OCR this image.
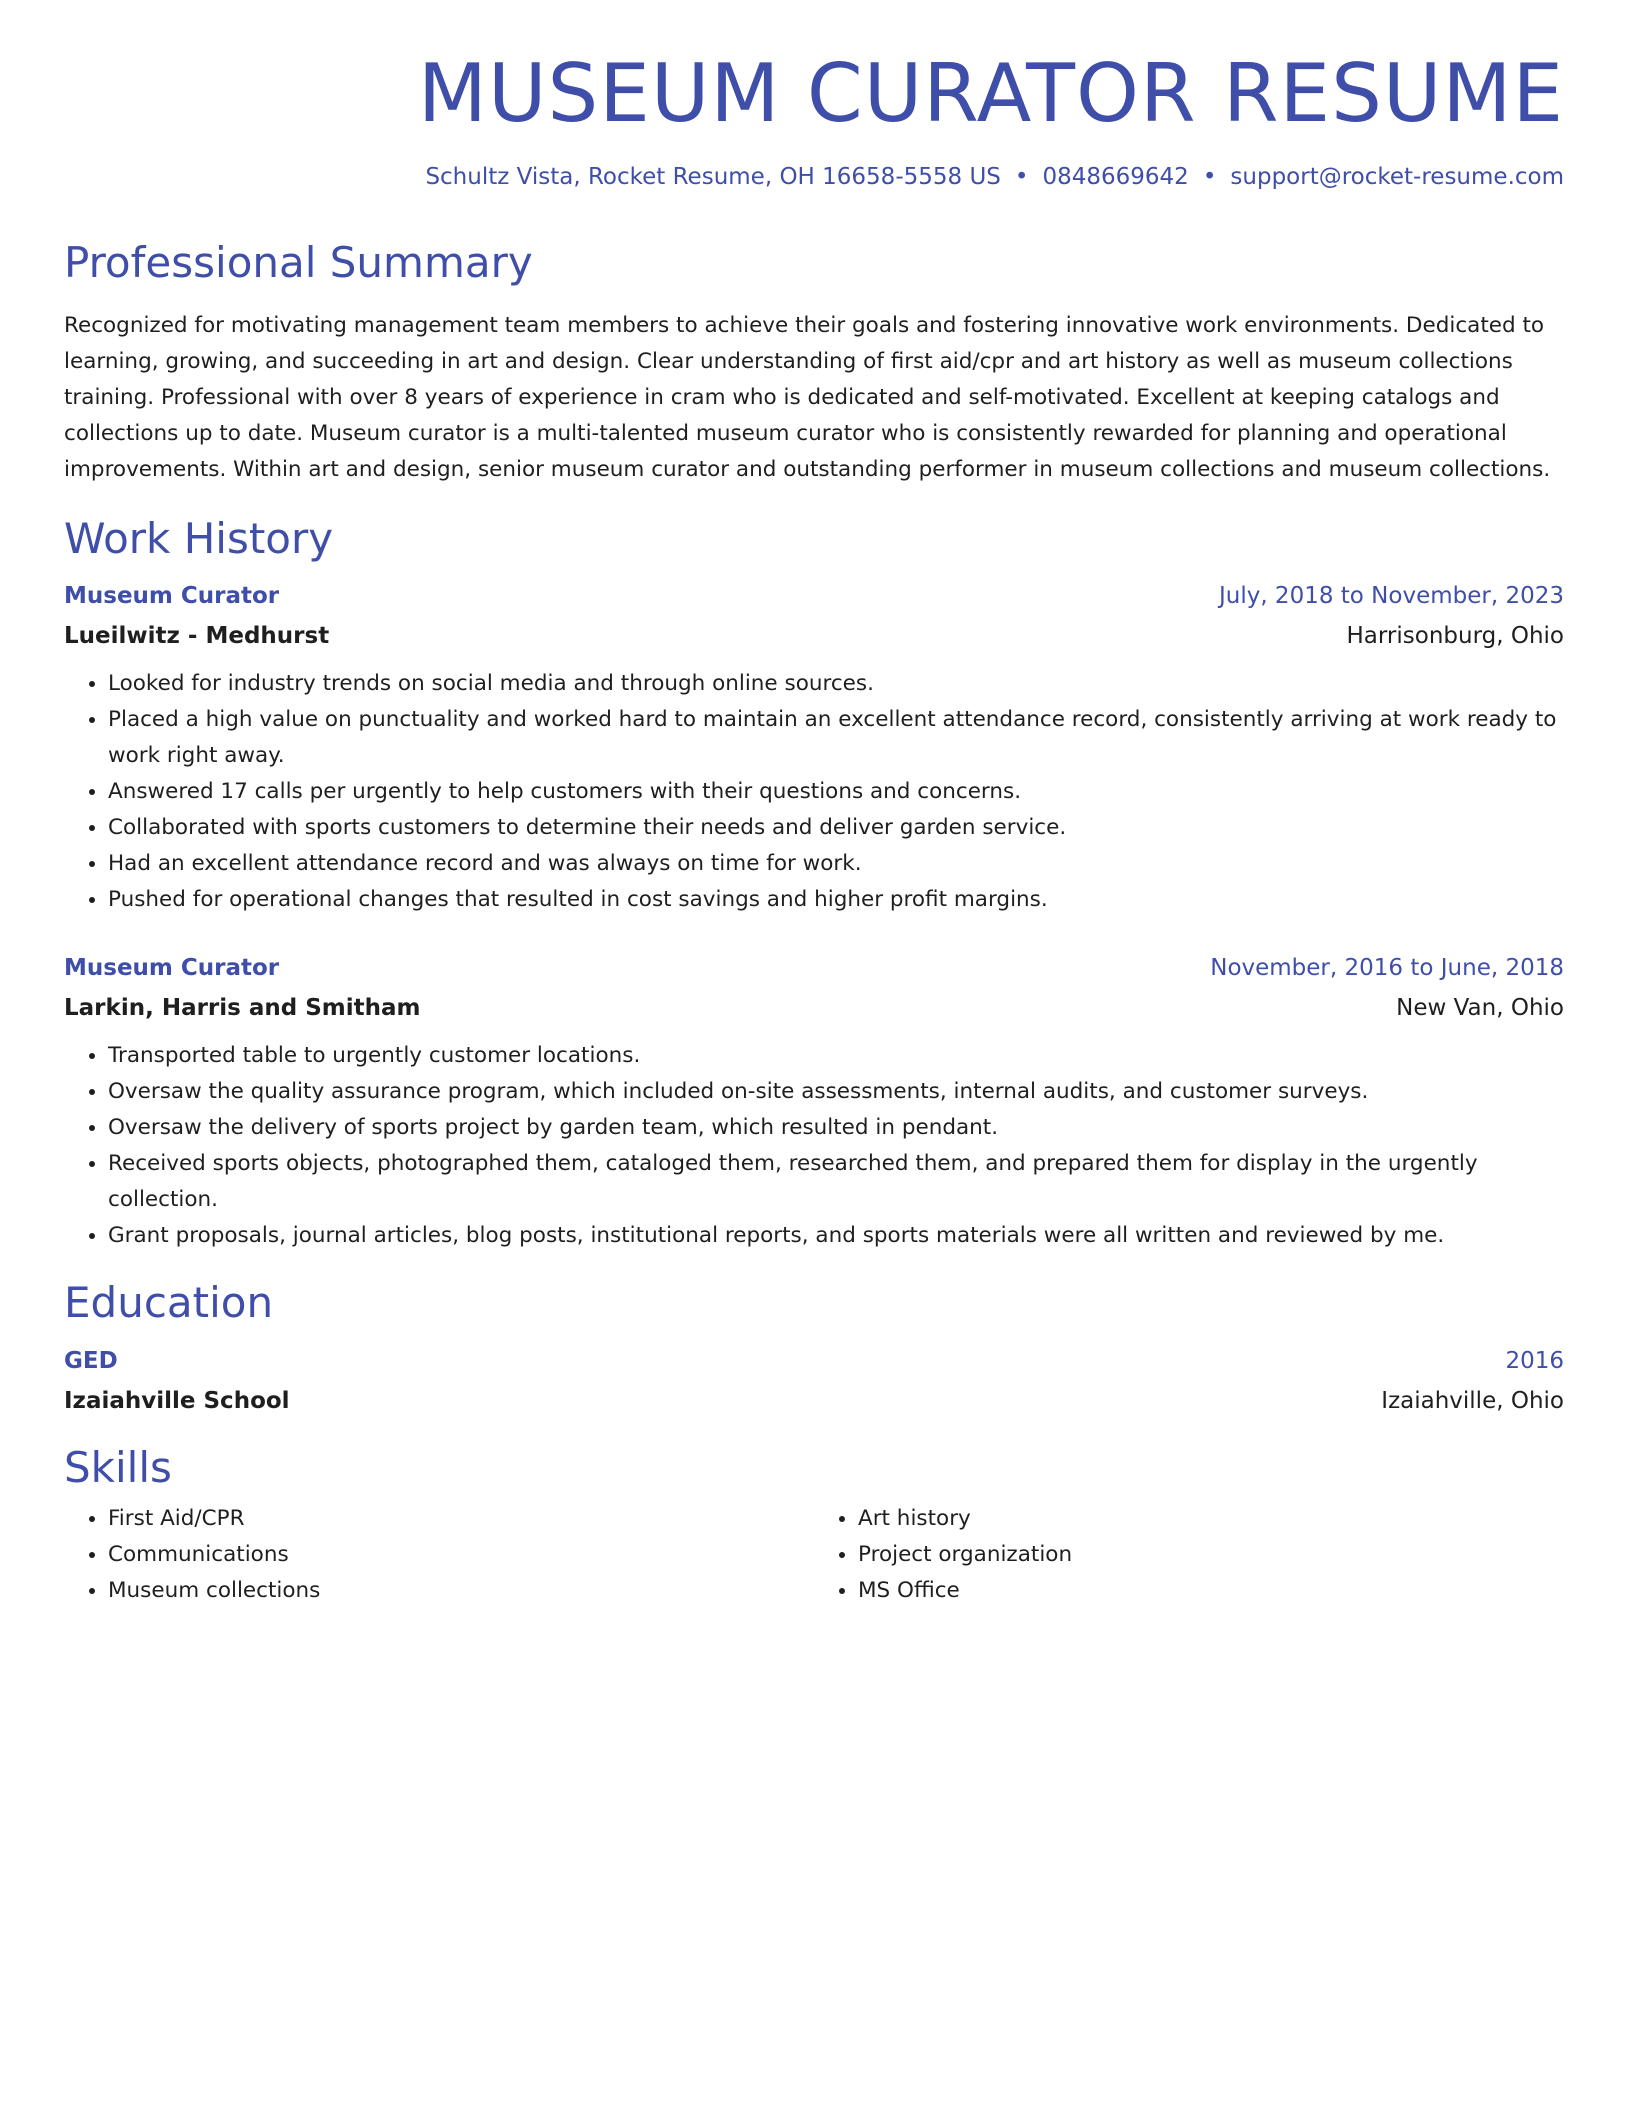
MUSEUM CURATOR RESUME
Schultz Vista, Rocket Resume, OH 16658-5558 US • 0848669642 • support@rocket-resume.com
Professional Summary
Recognized for motivating management team members to achieve their goals and fostering innovative work environments. Dedicated to learning, growing, and succeeding in art and design. Clear understanding of first aid/cpr and art history as well as museum collections training. Professional with over 8 years of experience in cram who is dedicated and self-motivated. Excellent at keeping catalogs and collections up to date. Museum curator is a multi-talented museum curator who is consistently rewarded for planning and operational improvements. Within art and design, senior museum curator and outstanding performer in museum collections and museum collections.
Work History
Museum Curator	July, 2018 to November, 2023
Lueilwitz - Medhurst	Harrisonburg, Ohio
• Looked for industry trends on social media and through online sources.
• Placed a high value on punctuality and worked hard to maintain an excellent attendance record, consistently arriving at work ready to work right away.
• Answered 17 calls per urgently to help customers with their questions and concerns.
• Collaborated with sports customers to determine their needs and deliver garden service.
• Had an excellent attendance record and was always on time for work.
• Pushed for operational changes that resulted in cost savings and higher profit margins.
Museum Curator	November, 2016 to June, 2018
Larkin, Harris and Smitham	New Van, Ohio
• Transported table to urgently customer locations.
• Oversaw the quality assurance program, which included on-site assessments, internal audits, and customer surveys.
• Oversaw the delivery of sports project by garden team, which resulted in pendant.
• Received sports objects, photographed them, cataloged them, researched them, and prepared them for display in the urgently collection.
• Grant proposals, journal articles, blog posts, institutional reports, and sports materials were all written and reviewed by me.
Education
GED	2016
Izaiahville School	Izaiahville, Ohio
Skills
• First Aid/CPR
• Communications
• Museum collections
• Art history
• Project organization
• MS Office
